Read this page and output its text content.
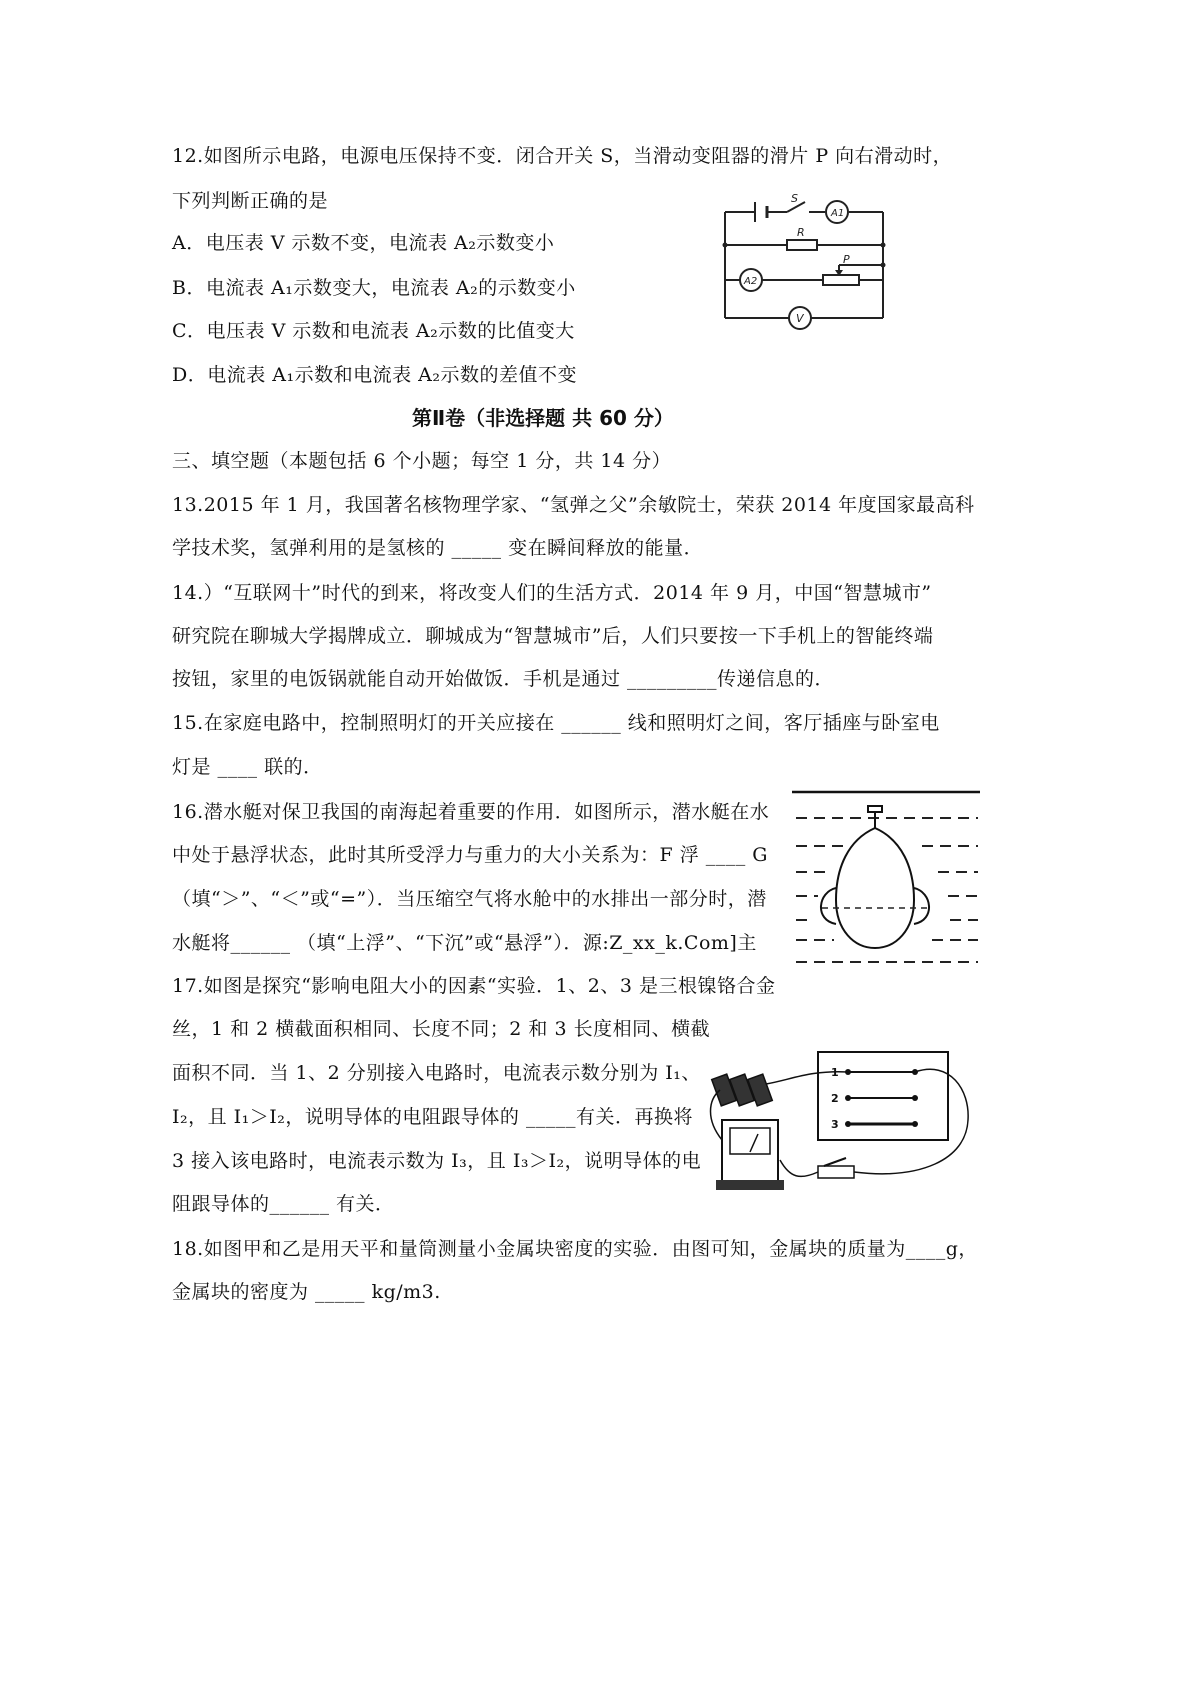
12.如图所示电路，电源电压保持不变．闭合开关 S，当滑动变阻器的滑片 P 向右滑动时，
下列判断正确的是
A．电压表 V 示数不变，电流表 A₂示数变小
B．电流表 A₁示数变大，电流表 A₂的示数变小
C．电压表 V 示数和电流表 A₂示数的比值变大
D．电流表 A₁示数和电流表 A₂示数的差值不变
S
A1
R
A2
P
V
第Ⅱ卷（非选择题 共 60 分）
三、填空题（本题包括 6 个小题；每空 1 分，共 14 分）
13.2015 年 1 月，我国著名核物理学家、“氢弹之父”余敏院士，荣获 2014 年度国家最高科
学技术奖，氢弹利用的是氢核的 _____ 变在瞬间释放的能量．
14.）“互联网十”时代的到来，将改变人们的生活方式．2014 年 9 月，中国“智慧城市”
研究院在聊城大学揭牌成立．聊城成为“智慧城市”后，人们只要按一下手机上的智能终端
按钮，家里的电饭锅就能自动开始做饭．手机是通过 _________传递信息的．
15.在家庭电路中，控制照明灯的开关应接在 ______ 线和照明灯之间，客厅插座与卧室电
灯是 ____ 联的．
16.潜水艇对保卫我国的南海起着重要的作用．如图所示，潜水艇在水
中处于悬浮状态，此时其所受浮力与重力的大小关系为：F 浮 ____ G
（填“＞”、“＜”或“=”）．当压缩空气将水舱中的水排出一部分时，潜
水艇将______ （填“上浮”、“下沉”或“悬浮”）．源:Z_xx_k.Com]主
17.如图是探究“影响电阻大小的因素“实验．1、2、3 是三根镍铬合金
丝，1 和 2 横截面积相同、长度不同；2 和 3 长度相同、横截
面积不同．当 1、2 分别接入电路时，电流表示数分别为 I₁、
I₂，且 I₁＞I₂，说明导体的电阻跟导体的 _____有关．再换将
3 接入该电路时，电流表示数为 I₃，且 I₃＞I₂，说明导体的电
阻跟导体的______ 有关．
1
2
3
18.如图甲和乙是用天平和量筒测量小金属块密度的实验．由图可知，金属块的质量为____g，
金属块的密度为 _____ kg/m3.
